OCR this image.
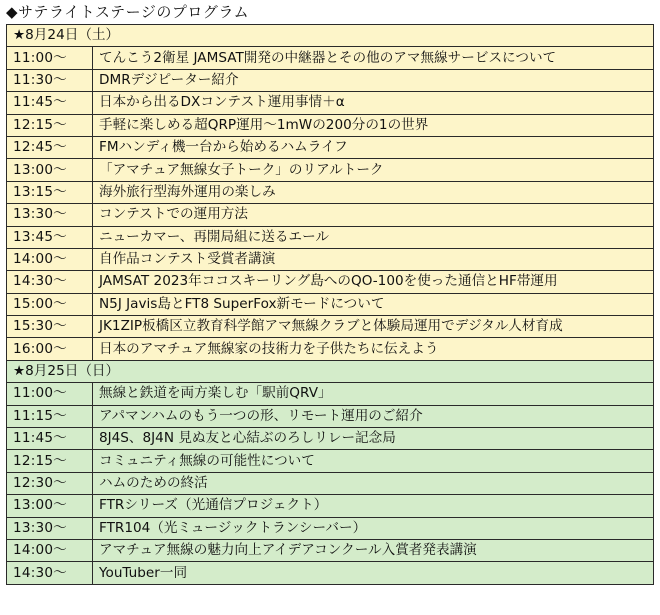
◆サテライトステージのプログラム
★8月24日（土）	
11:00〜	てんこう2衛星 JAMSAT開発の中継器とその他のアマ無線サービスについて
11:30〜	DMRデジピーター紹介
11:45〜	日本から出るDXコンテスト運用事情＋α
12:15〜	手軽に楽しめる超QRP運用〜1mWの200分の1の世界
12:45〜	FMハンディ機一台から始めるハムライフ
13:00〜	「アマチュア無線女子トーク」のリアルトーク
13:15〜	海外旅行型海外運用の楽しみ
13:30〜	コンテストでの運用方法
13:45〜	ニューカマー、再開局組に送るエール
14:00〜	自作品コンテスト受賞者講演
14:30〜	JAMSAT 2023年ココスキーリング島へのQO-100を使った通信とHF帯運用
15:00〜	N5J Javis島とFT8 SuperFox新モードについて
15:30〜	JK1ZIP板橋区立教育科学館アマ無線クラブと体験局運用でデジタル人材育成
16:00〜	日本のアマチュア無線家の技術力を子供たちに伝えよう
★8月25日（日）	
11:00〜	無線と鉄道を両方楽しむ「駅前QRV」
11:15〜	アパマンハムのもう一つの形、リモート運用のご紹介
11:45〜	8J4S、8J4N 見ぬ友と心結ぶのろしリレー記念局
12:15〜	コミュニティ無線の可能性について
12:30〜	ハムのための終活
13:00〜	FTRシリーズ（光通信プロジェクト）
13:30〜	FTR104（光ミュージックトランシーバー）
14:00〜	アマチュア無線の魅力向上アイデアコンクール入賞者発表講演
14:30〜	YouTuber一同
